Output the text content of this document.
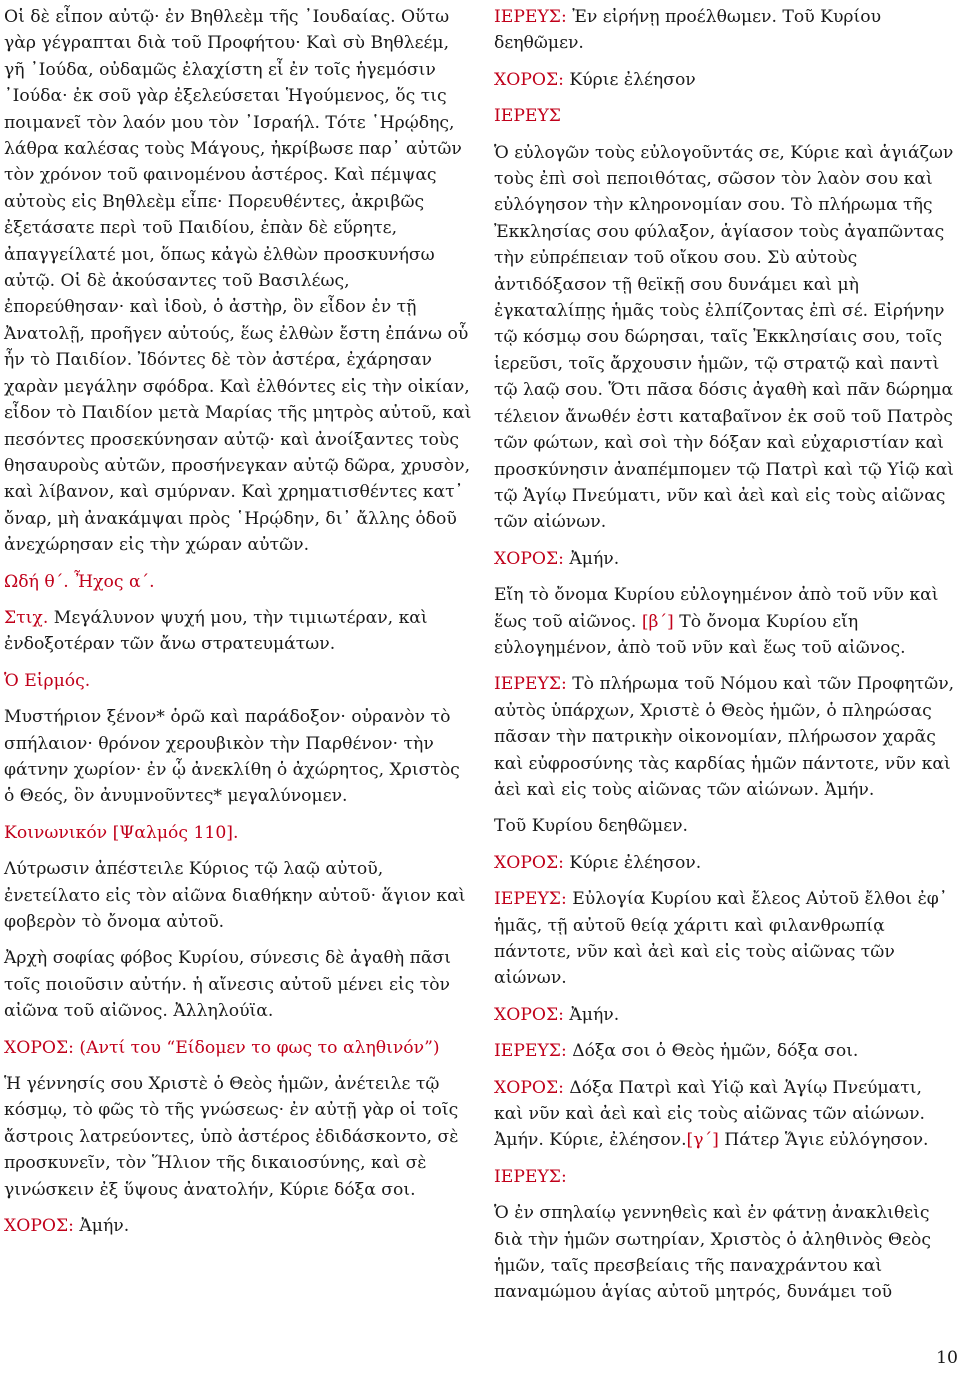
Οἱ δὲ εἶπον αὐτῷ· ἐν Βηθλεὲμ τῆς ᾿Ιουδαίας. Οὕτω γὰρ γέγραπται διὰ τοῦ Προφήτου· Καὶ σὺ Βηθλεέμ, γῆ ᾿Ιούδα, οὐδαμῶς ἐλαχίστη εἶ ἐν τοῖς ἡγεμόσιν ᾿Ιούδα· ἐκ σοῦ γὰρ ἐξελεύσεται Ἡγούμενος, ὅς τις ποιμανεῖ τὸν λαόν μου τὸν ᾿Ισραήλ. Τότε ῾Ηρῴδης, λάθρα καλέσας τοὺς Μάγους, ἠκρίβωσε παρ᾿ αὐτῶν τὸν χρόνον τοῦ φαινομένου ἀστέρος. Καὶ πέμψας αὐτοὺς εἰς Βηθλεὲμ εἶπε· Πορευθέντες, ἀκριβῶς ἐξετάσατε περὶ τοῦ Παιδίου, ἐπὰν δὲ εὕρητε, ἀπαγγείλατέ μοι, ὅπως κἀγὼ ἐλθὼν προσκυνήσω αὐτῷ. Οἱ δὲ ἀκούσαντες τοῦ Βασιλέως, ἐπορεύθησαν· καὶ ἰδοὺ, ὁ ἀστὴρ, ὃν εἶδον ἐν τῇ Ἀνατολῇ, προῆγεν αὐτούς, ἕως ἐλθὼν ἔστη ἐπάνω οὗ ἦν τὸ Παιδίον. Ἰδόντες δὲ τὸν ἀστέρα, ἐχάρησαν χαρὰν μεγάλην σφόδρα. Καὶ ἐλθόντες εἰς τὴν οἰκίαν, εἶδον τὸ Παιδίον μετὰ Μαρίας τῆς μητρὸς αὐτοῦ, καὶ πεσόντες προσεκύνησαν αὐτῷ· καὶ ἀνοίξαντες τοὺς θησαυροὺς αὐτῶν, προσήνεγκαν αὐτῷ δῶρα, χρυσὸν, καὶ λίβανον, καὶ σμύρναν. Καὶ χρηματισθέντες κατ᾿ ὄναρ, μὴ ἀνακάμψαι πρὸς ῾Ηρῴδην, δι᾿ ἄλλης ὁδοῦ ἀνεχώρησαν εἰς τὴν χώραν αὐτῶν.

Ωδή θ΄. Ἦχος α΄.

Στιχ. Μεγάλυνον ψυχή μου, τὴν τιμιωτέραν, καὶ ἐνδοξοτέραν τῶν ἄνω στρατευμάτων.

Ὁ Εἱρμός.

Μυστήριον ξένον* ὁρῶ καὶ παράδοξον· οὐρανὸν τὸ σπήλαιον· θρόνον χερουβικὸν τὴν Παρθένον· τὴν φάτνην χωρίον· ἐν ᾧ ἀνεκλίθη ὁ ἀχώρητος, Χριστὸς ὁ Θεός, ὃν ἀνυμνοῦντες* μεγαλύνομεν.

Κοινωνικόν [Ψαλμός 110].

Λύτρωσιν ἀπέστειλε Κύριος τῷ λαῷ αὐτοῦ, ἐνετείλατο εἰς τὸν αἰῶνα διαθήκην αὐτοῦ· ἅγιον καὶ φοβερὸν τὸ ὄνομα αὐτοῦ.

Ἀρχὴ σοφίας φόβος Κυρίου, σύνεσις δὲ ἀγαθὴ πᾶσι τοῖς ποιοῦσιν αὐτήν. ἡ αἴνεσις αὐτοῦ μένει εἰς τὸν αἰῶνα τοῦ αἰῶνος. Ἀλληλούϊα.

ΧΟΡΟΣ: (Αντί του “Είδομεν το φως το αληθινόν”)

Ἡ γέννησίς σου Χριστὲ ὁ Θεὸς ἡμῶν, ἀνέτειλε τῷ κόσμῳ, τὸ φῶς τὸ τῆς γνώσεως· ἐν αὐτῇ γὰρ οἱ τοῖς ἄστροις λατρεύοντες, ὑπὸ ἀστέρος ἐδιδάσκοντο, σὲ προσκυνεῖν, τὸν Ἥλιον τῆς δικαιοσύνης, καὶ σὲ γινώσκειν ἐξ ὕψους ἀνατολήν, Κύριε δόξα σοι.

ΧΟΡΟΣ: Ἀμήν.

ΙΕΡΕΥΣ: Ἐν εἰρήνῃ προέλθωμεν. Τοῦ Κυρίου δεηθῶμεν.

ΧΟΡΟΣ: Κύριε ἐλέησον

ΙΕΡΕΥΣ

Ὁ εὐλογῶν τοὺς εὐλογοῦντάς σε, Κύριε καὶ ἁγιάζων τοὺς ἐπὶ σοὶ πεποιθότας, σῶσον τὸν λαὸν σου καὶ εὐλόγησον τὴν κληρονομίαν σου. Τὸ πλήρωμα τῆς Ἐκκλησίας σου φύλαξον, ἁγίασον τοὺς ἀγαπῶντας τὴν εὐπρέπειαν τοῦ οἴκου σου. Σὺ αὐτοὺς ἀντιδόξασον τῇ θεϊκῇ σου δυνάμει καὶ μὴ ἐγκαταλίπῃς ἡμᾶς τοὺς ἐλπίζοντας ἐπὶ σέ. Εἰρήνην τῷ κόσμῳ σου δώρησαι, ταῖς Ἐκκλησίαις σου, τοῖς ἱερεῦσι, τοῖς ἄρχουσιν ἡμῶν, τῷ στρατῷ καὶ παντὶ τῷ λαῷ σου. Ὅτι πᾶσα δόσις ἀγαθὴ καὶ πᾶν δώρημα τέλειον ἄνωθέν ἐστι καταβαῖνον ἐκ σοῦ τοῦ Πατρὸς τῶν φώτων, καὶ σοὶ τὴν δόξαν καὶ εὐχαριστίαν καὶ προσκύνησιν ἀναπέμπομεν τῷ Πατρὶ καὶ τῷ Υἱῷ καὶ τῷ Ἁγίῳ Πνεύματι, νῦν καὶ ἀεὶ καὶ εἰς τοὺς αἰῶνας τῶν αἰώνων.

ΧΟΡΟΣ: Ἀμήν.

Εἴη τὸ ὄνομα Κυρίου εὐλογημένον ἀπὸ τοῦ νῦν καὶ ἕως τοῦ αἰῶνος. [β΄] Τὸ ὄνομα Κυρίου εἴη εὐλογημένον, ἀπὸ τοῦ νῦν καὶ ἕως τοῦ αἰῶνος.

ΙΕΡΕΥΣ: Τὸ πλήρωμα τοῦ Νόμου καὶ τῶν Προφητῶν, αὐτὸς ὑπάρχων, Χριστὲ ὁ Θεὸς ἡμῶν, ὁ πληρώσας πᾶσαν τὴν πατρικὴν οἰκονομίαν, πλήρωσον χαρᾶς καὶ εὐφροσύνης τὰς καρδίας ἡμῶν πάντοτε, νῦν καὶ ἀεὶ καὶ εἰς τοὺς αἰῶνας τῶν αἰώνων. Ἀμήν.

Τοῦ Κυρίου δεηθῶμεν.

ΧΟΡΟΣ: Κύριε ἐλέησον.

ΙΕΡΕΥΣ: Εὐλογία Κυρίου καὶ ἔλεος Αὐτοῦ ἔλθοι ἐφ᾿ ἡμᾶς, τῇ αὐτοῦ θείᾳ χάριτι καὶ φιλανθρωπίᾳ πάντοτε, νῦν καὶ ἀεὶ καὶ εἰς τοὺς αἰῶνας τῶν αἰώνων.

ΧΟΡΟΣ: Ἀμήν.

ΙΕΡΕΥΣ: Δόξα σοι ὁ Θεὸς ἡμῶν, δόξα σοι.

ΧΟΡΟΣ: Δόξα Πατρὶ καὶ Υἱῷ καὶ Ἁγίῳ Πνεύματι, καὶ νῦν καὶ ἀεὶ καὶ εἰς τοὺς αἰῶνας τῶν αἰώνων. Ἀμήν. Κύριε, ἐλέησον.[γ΄] Πάτερ Ἅγιε εὐλόγησον.

ΙΕΡΕΥΣ:

Ὁ ἐν σπηλαίῳ γεννηθεὶς καὶ ἐν φάτνῃ ἀνακλιθεὶς διὰ τὴν ἡμῶν σωτηρίαν, Χριστὸς ὁ ἀληθινὸς Θεὸς ἡμῶν, ταῖς πρεσβείαις τῆς παναχράντου καὶ παναμώμου ἁγίας αὐτοῦ μητρός, δυνάμει τοῦ

10
